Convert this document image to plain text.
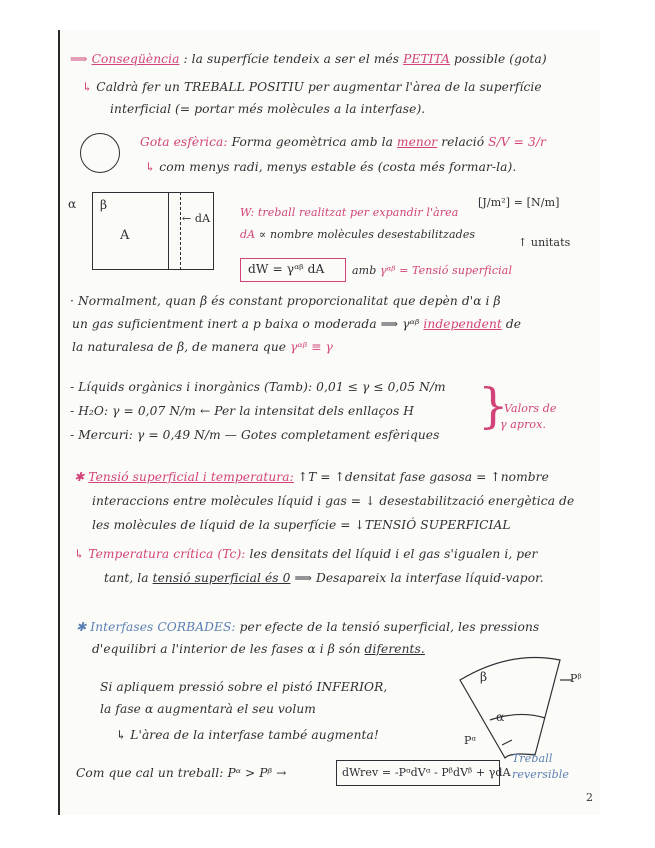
⟹ Conseqüència : la superfície tendeix a ser el més PETITA possible (gota)
↳ Caldrà fer un TREBALL POSITIU per augmentar l'àrea de la superfície
interficial (= portar més molècules a la interfase).
Gota esfèrica: Forma geomètrica amb la menor relació S/V = 3/r
↳ com menys radi, menys estable és (costa més formar-la).
α β
A
← dA	W: treball realitzat per expandir l'àrea
[J/m²] = [N/m]
dA ∝ nombre molècules desestabilitzades
↑ unitats
dW = γᵅᵝ dA	amb γᵅᵝ = Tensió superficial
· Normalment, quan β és constant proporcionalitat que depèn d'α i β
un gas suficientment inert a p baixa o moderada ⟹ γᵅᵝ independent de
la naturalesa de β, de manera que γᵅᵝ ≡ γ
- Líquids orgànics i inorgànics (Tamb): 0,01 ≤ γ ≤ 0,05 N/m
- H₂O: γ = 0,07 N/m ← Per la intensitat dels enllaços H
- Mercuri: γ = 0,49 N/m — Gotes completament esfèriques
}
Valors de
γ aprox.
✱ Tensió superficial i temperatura: ↑T = ↑densitat fase gasosa = ↑nombre
interaccions entre molècules líquid i gas = ↓ desestabilització energètica de
les molècules de líquid de la superfície = ↓TENSIÓ SUPERFICIAL
↳ Temperatura crítica (Tc): les densitats del líquid i el gas s'igualen i, per
tant, la tensió superficial és 0 ⟹ Desapareix la interfase líquid-vapor.
✱ Interfases CORBADES: per efecte de la tensió superficial, les pressions
d'equilibri a l'interior de les fases α i β són diferents.
Si apliquem pressió sobre el pistó INFERIOR,
la fase α augmentarà el seu volum
↳ L'àrea de la interfase també augmenta!
β
α
Pᵝ
Pᵅ
Com que cal un treball: Pᵅ > Pᵝ →	dWrev = -PᵅdVᵅ - PᵝdVᵝ + γdA
Treball
reversible
2
